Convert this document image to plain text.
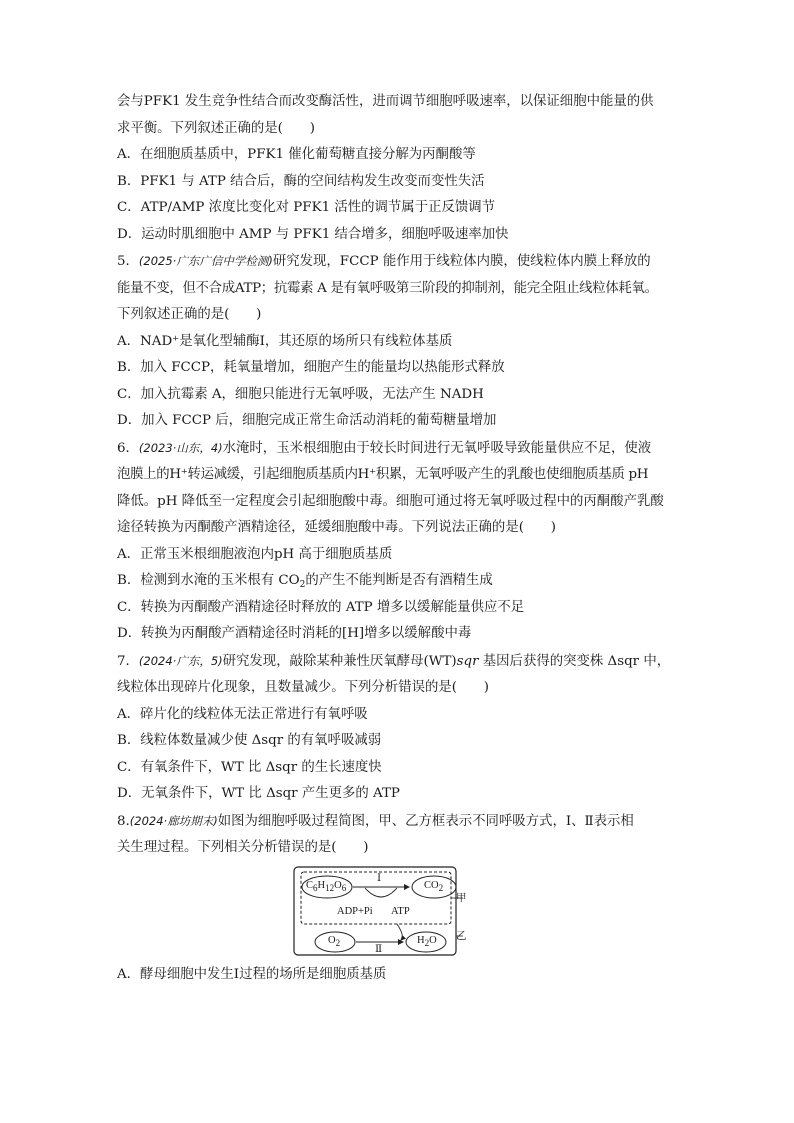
会与PFK1 发生竞争性结合而改变酶活性，进而调节细胞呼吸速率，以保证细胞中能量的供

求平衡。下列叙述正确的是(　　)

A．在细胞质基质中，PFK1 催化葡萄糖直接分解为丙酮酸等

B．PFK1 与 ATP 结合后，酶的空间结构发生改变而变性失活

C．ATP/AMP 浓度比变化对 PFK1 活性的调节属于正反馈调节

D．运动时肌细胞中 AMP 与 PFK1 结合增多，细胞呼吸速率加快

5．(2025·广东广信中学检测)研究发现，FCCP 能作用于线粒体内膜，使线粒体内膜上释放的

能量不变，但不合成ATP；抗霉素 A 是有氧呼吸第三阶段的抑制剂，能完全阻止线粒体耗氧。

下列叙述正确的是(　　)

A．NAD⁺是氧化型辅酶Ⅰ，其还原的场所只有线粒体基质

B．加入 FCCP，耗氧量增加，细胞产生的能量均以热能形式释放

C．加入抗霉素 A，细胞只能进行无氧呼吸，无法产生 NADH

D．加入 FCCP 后，细胞完成正常生命活动消耗的葡萄糖量增加

6．(2023·山东，4)水淹时，玉米根细胞由于较长时间进行无氧呼吸导致能量供应不足，使液

泡膜上的H⁺转运减缓，引起细胞质基质内H⁺积累，无氧呼吸产生的乳酸也使细胞质基质 pH

降低。pH 降低至一定程度会引起细胞酸中毒。细胞可通过将无氧呼吸过程中的丙酮酸产乳酸

途径转换为丙酮酸产酒精途径，延缓细胞酸中毒。下列说法正确的是(　　)

A．正常玉米根细胞液泡内pH 高于细胞质基质

B．检测到水淹的玉米根有 $CO_2$的产生不能判断是否有酒精生成

C．转换为丙酮酸产酒精途径时释放的 ATP 增多以缓解能量供应不足

D．转换为丙酮酸产酒精途径时消耗的[H]增多以缓解酸中毒

7．(2024·广东，5)研究发现，敲除某种兼性厌氧酵母(WT)sqr 基因后获得的突变株 Δsqr 中，

线粒体出现碎片化现象，且数量减少。下列分析错误的是(　　)

A．碎片化的线粒体无法正常进行有氧呼吸

B．线粒体数量减少使 Δsqr 的有氧呼吸减弱

C．有氧条件下，WT 比 Δsqr 的生长速度快

D．无氧条件下，WT 比 Δsqr 产生更多的 ATP

8.(2024·廊坊期末)如图为细胞呼吸过程简图，甲、乙方框表示不同呼吸方式，Ⅰ、Ⅱ表示相

关生理过程。下列相关分析错误的是(　　)

$C_6H_{12}O_6$	$CO_2$
Ⅰ
ADP+Pi ATP
$O_2$	$H_2O$
Ⅱ
甲
乙

A．酵母细胞中发生Ⅰ过程的场所是细胞质基质
